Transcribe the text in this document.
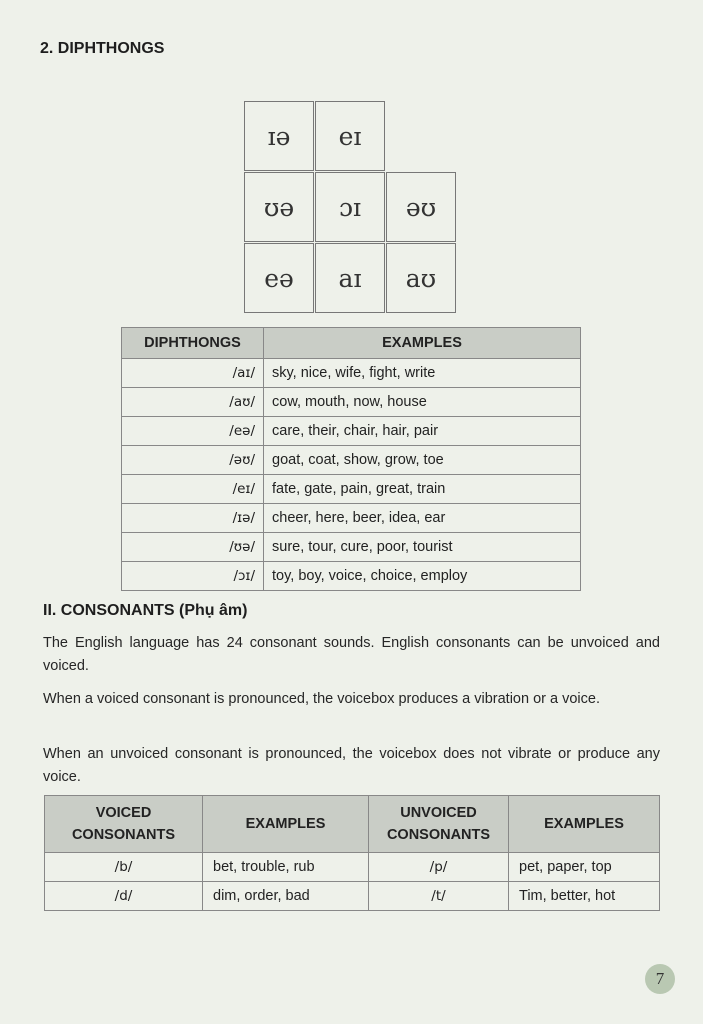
2. DIPHTHONGS
ɪə	eɪ
ʊə	ɔɪ	əʊ
eə	aɪ	aʊ
DIPHTHONGS	EXAMPLES
/aɪ/	sky, nice, wife, fight, write
/aʊ/	cow, mouth, now, house
/eə/	care, their, chair, hair, pair
/əʊ/	goat, coat, show, grow, toe
/eɪ/	fate, gate, pain, great, train
/ɪə/	cheer, here, beer, idea, ear
/ʊə/	sure, tour, cure, poor, tourist
/ɔɪ/	toy, boy, voice, choice, employ
II. CONSONANTS (Phụ âm)
The English language has 24 consonant sounds. English consonants can be unvoiced and voiced.
When a voiced consonant is pronounced, the voicebox produces a vibration or a voice.
When an unvoiced consonant is pronounced, the voicebox does not vibrate or produce any voice.
VOICED CONSONANTS	EXAMPLES	UNVOICED CONSONANTS	EXAMPLES
/b/	bet, trouble, rub	/p/	pet, paper, top
/d/	dim, order, bad	/t/	Tim, better, hot
7
